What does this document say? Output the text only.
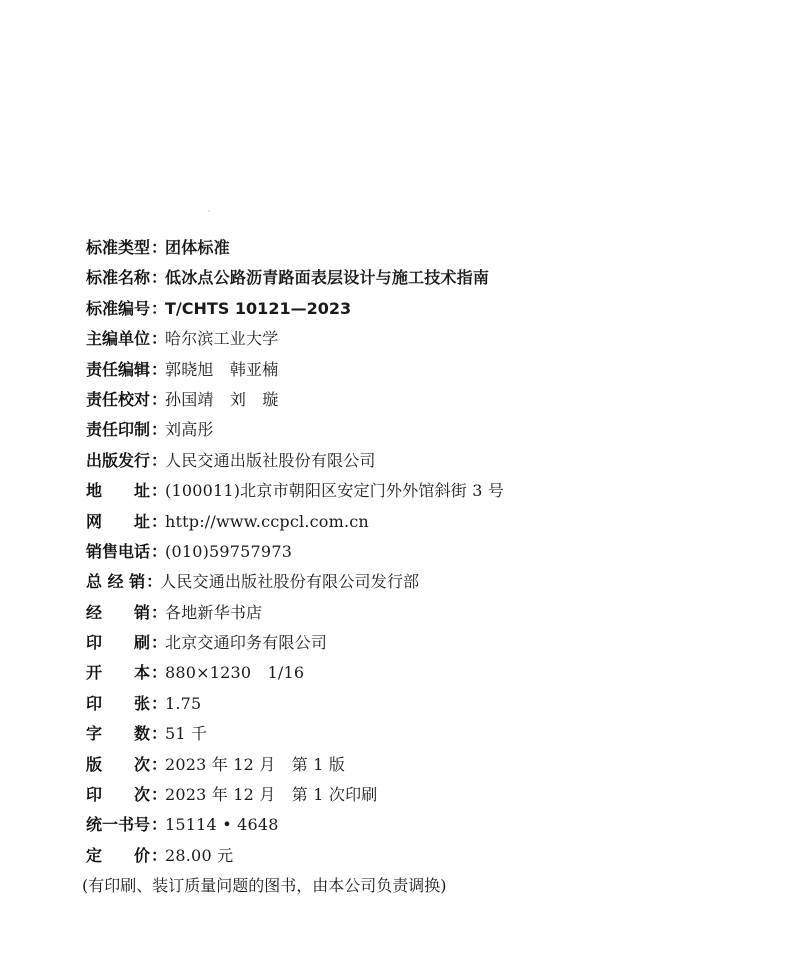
标准类型 ：
团体标准
标准名称 ：
低冰点公路沥青路面表层设计与施工技术指南
标准编号 ：
T/CHTS 10121—2023
主编单位 ：
哈尔滨工业大学
责任编辑 ：
郭晓旭　韩亚楠
责任校对 ：
孙国靖　刘　璇
责任印制 ：
刘高彤
出版发行 ：
人民交通出版社股份有限公司
地　　址 ：
(100011)北京市朝阳区安定门外外馆斜街 3 号
网　　址 ：
http://www.ccpcl.com.cn
销售电话 ：
(010)59757973
总 经 销 ：
人民交通出版社股份有限公司发行部
经　　销 ：
各地新华书店
印　　刷 ：
北京交通印务有限公司
开　　本 ：
880×1230　1/16
印　　张 ：
1.75
字　　数 ：
51 千
版　　次 ：
2023 年 12 月　第 1 版
印　　次 ：
2023 年 12 月　第 1 次印刷
统一书号 ：
15114 • 4648
定　　价 ：
28.00 元
(有印刷、装订质量问题的图书，由本公司负责调换)
